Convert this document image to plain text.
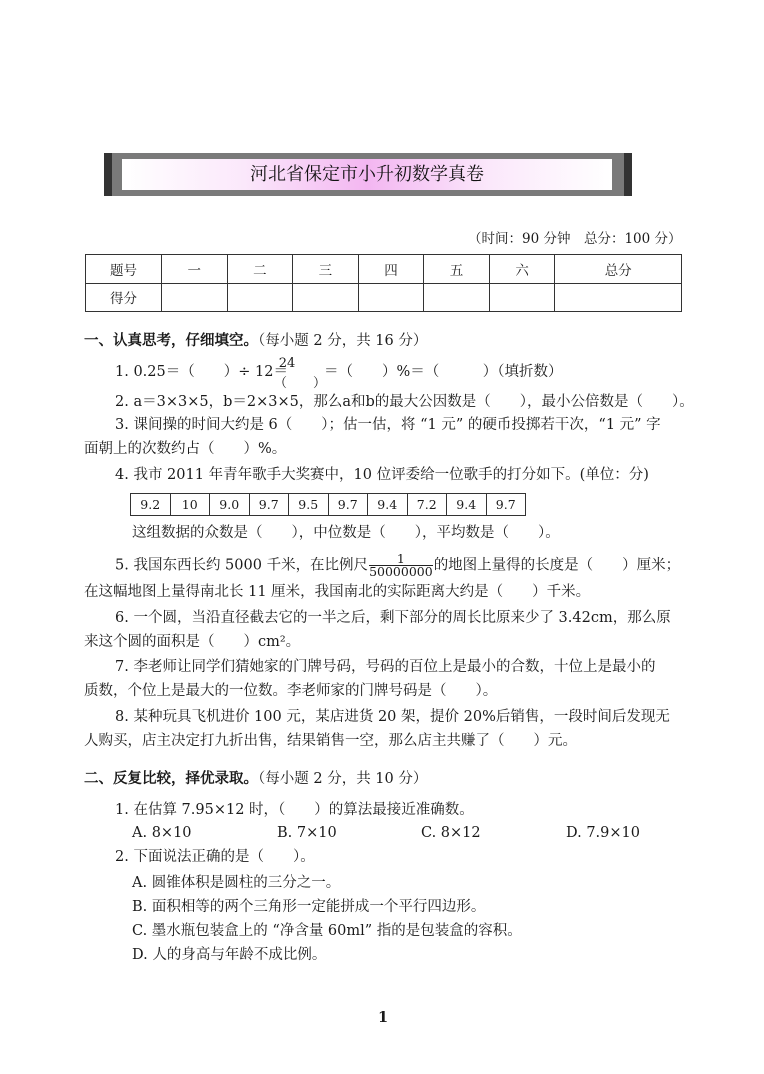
河北省保定市小升初数学真卷
（时间：90 分钟　总分：100 分）
题号	一	二	三	四	五	六	总分
得分							
一、认真思考，仔细填空。（每小题 2 分，共 16 分）
1. 0.25＝（　　）÷ 12＝
24
（　　）
＝（　　）%＝（　　　）（填折数）
2. a＝3×3×5，b＝2×3×5，那么a和b的最大公因数是（　　），最小公倍数是（　　）。
3. 课间操的时间大约是 6（　　）；估一估，将 “1 元” 的硬币投掷若干次，“1 元” 字
面朝上的次数约占（　　）%。
4. 我市 2011 年青年歌手大奖赛中，10 位评委给一位歌手的打分如下。(单位：分)
9.2	10	9.0	9.7	9.5	9.7	9.4	7.2	9.4	9.7
这组数据的众数是（　　），中位数是（　　），平均数是（　　）。
5. 我国东西长约 5000 千米，在比例尺 $\frac{1}{50000000}$ 的地图上量得的长度是（　　）厘米；
在这幅地图上量得南北长 11 厘米，我国南北的实际距离大约是（　　）千米。
6. 一个圆，当沿直径截去它的一半之后，剩下部分的周长比原来少了 3.42cm，那么原
来这个圆的面积是（　　）cm²。
7. 李老师让同学们猜她家的门牌号码，号码的百位上是最小的合数，十位上是最小的
质数，个位上是最大的一位数。李老师家的门牌号码是（　　）。
8. 某种玩具飞机进价 100 元，某店进货 20 架，提价 20%后销售，一段时间后发现无
人购买，店主决定打九折出售，结果销售一空，那么店主共赚了（　　）元。
二、反复比较，择优录取。（每小题 2 分，共 10 分）
1. 在估算 7.95×12 时，（　　）的算法最接近准确数。
A. 8×10	B. 7×10	C. 8×12	D. 7.9×10
2. 下面说法正确的是（　　）。
A. 圆锥体积是圆柱的三分之一。
B. 面积相等的两个三角形一定能拼成一个平行四边形。
C. 墨水瓶包装盒上的 “净含量 60ml” 指的是包装盒的容积。
D. 人的身高与年龄不成比例。
1
